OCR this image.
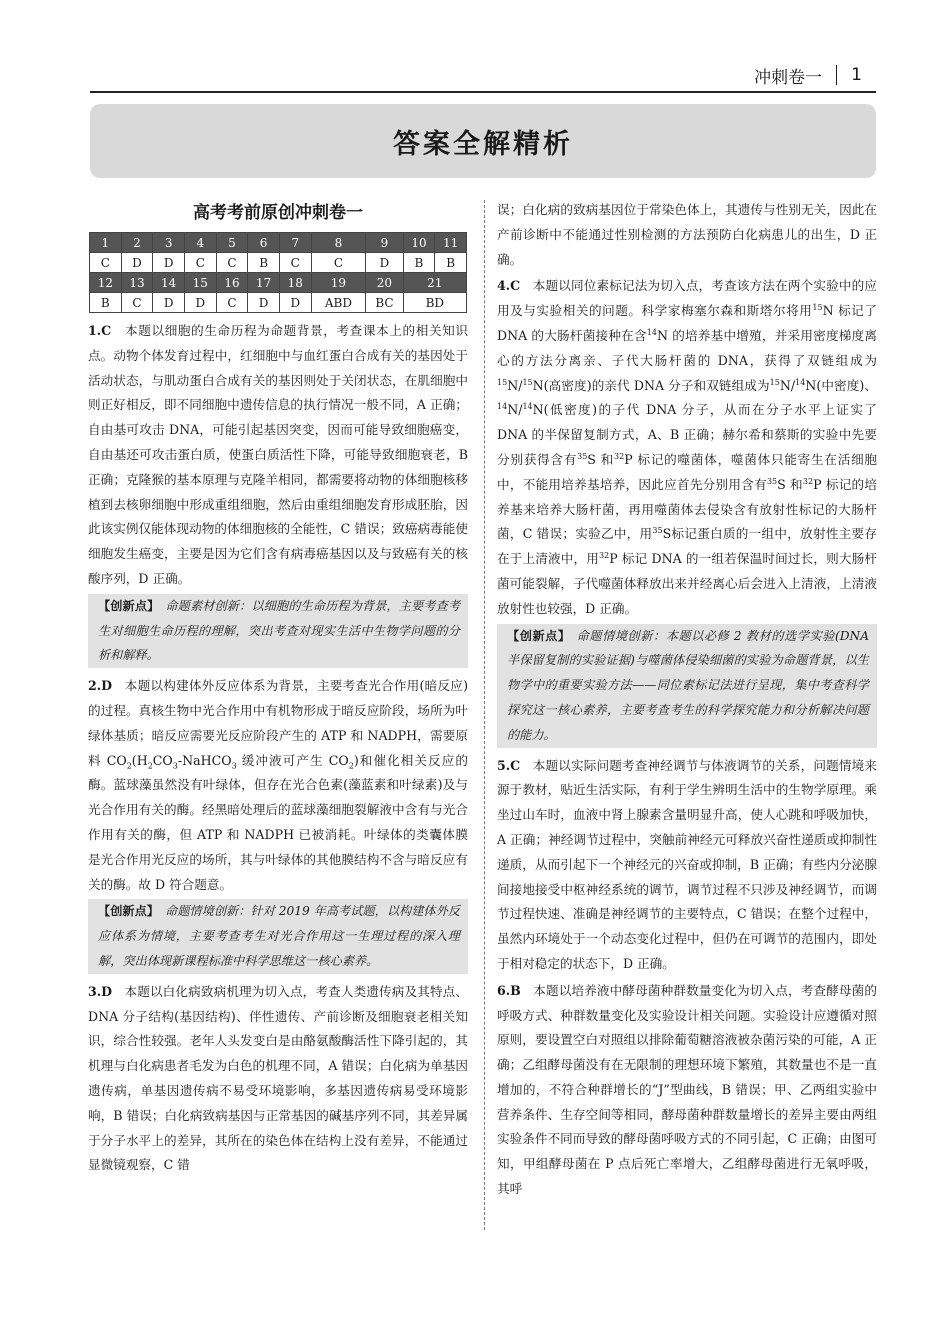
冲刺卷一 1
答案全解精析
高考考前原创冲刺卷一
1	2	3	4	5	6	7	8	9	10	11
C	D	D	C	C	B	C	C	D	B	B
12	13	14	15	16	17	18	19	20	21	
B	C	D	D	C	D	D	ABD	BC	BD	
1.C 本题以细胞的生命历程为命题背景，考查课本上的相关知识点。动物个体发育过程中，红细胞中与血红蛋白合成有关的基因处于活动状态，与肌动蛋白合成有关的基因则处于关闭状态，在肌细胞中则正好相反，即不同细胞中遗传信息的执行情况一般不同，A 正确；自由基可攻击 DNA，可能引起基因突变，因而可能导致细胞癌变，自由基还可攻击蛋白质，使蛋白质活性下降，可能导致细胞衰老，B 正确；克隆猴的基本原理与克隆羊相同，都需要将动物的体细胞核移植到去核卵细胞中形成重组细胞，然后由重组细胞发育形成胚胎，因此该实例仅能体现动物的体细胞核的全能性，C 错误；致癌病毒能使细胞发生癌变，主要是因为它们含有病毒癌基因以及与致癌有关的核酸序列，D 正确。
【创新点】 命题素材创新：以细胞的生命历程为背景，主要考查考生对细胞生命历程的理解，突出考查对现实生活中生物学问题的分析和解释。
2.D 本题以构建体外反应体系为背景，主要考查光合作用(暗反应)的过程。真核生物中光合作用中有机物形成于暗反应阶段，场所为叶绿体基质；暗反应需要光反应阶段产生的 ATP 和 NADPH，需要原料 $CO_2(H_2CO_3-NaHCO_3$ 缓冲液可产生 $CO_2$)和催化相关反应的酶。蓝球藻虽然没有叶绿体，但存在光合色素(藻蓝素和叶绿素)及与光合作用有关的酶。经黑暗处理后的蓝球藻细胞裂解液中含有与光合作用有关的酶，但 ATP 和 NADPH 已被消耗。叶绿体的类囊体膜是光合作用光反应的场所，其与叶绿体的其他膜结构不含与暗反应有关的酶。故 D 符合题意。
【创新点】 命题情境创新：针对 2019 年高考试题，以构建体外反应体系为情境，主要考查考生对光合作用这一生理过程的深入理解，突出体现新课程标准中科学思维这一核心素养。
3.D 本题以白化病致病机理为切入点，考查人类遗传病及其特点、DNA 分子结构(基因结构)、伴性遗传、产前诊断及细胞衰老相关知识，综合性较强。老年人头发变白是由酪氨酸酶活性下降引起的，其机理与白化病患者毛发为白色的机理不同，A 错误；白化病为单基因遗传病，单基因遗传病不易受环境影响，多基因遗传病易受环境影响，B 错误；白化病致病基因与正常基因的碱基序列不同，其差异属于分子水平上的差异，其所在的染色体在结构上没有差异，不能通过显微镜观察，C 错
误；白化病的致病基因位于常染色体上，其遗传与性别无关，因此在产前诊断中不能通过性别检测的方法预防白化病患儿的出生，D 正确。
4.C 本题以同位素标记法为切入点，考查该方法在两个实验中的应用及与实验相关的问题。科学家梅塞尔森和斯塔尔将用$^{15}$N 标记了 DNA 的大肠杆菌接种在含$^{14}$N 的培养基中增殖，并采用密度梯度离心的方法分离亲、子代大肠杆菌的 DNA，获得了双链组成为$^{15}$N/$^{15}$N(高密度)的亲代 DNA 分子和双链组成为$^{15}$N/$^{14}$N(中密度)、$^{14}$N/$^{14}$N(低密度)的子代 DNA 分子，从而在分子水平上证实了 DNA 的半保留复制方式，A、B 正确；赫尔希和蔡斯的实验中先要分别获得含有$^{35}$S 和$^{32}$P 标记的噬菌体，噬菌体只能寄生在活细胞中，不能用培养基培养，因此应首先分别用含有$^{35}$S 和$^{32}$P 标记的培养基来培养大肠杆菌，再用噬菌体去侵染含有放射性标记的大肠杆菌，C 错误；实验乙中，用$^{35}$S标记蛋白质的一组中，放射性主要存在于上清液中，用$^{32}$P 标记 DNA 的一组若保温时间过长，则大肠杆菌可能裂解，子代噬菌体释放出来并经离心后会进入上清液，上清液放射性也较强，D 正确。
【创新点】 命题情境创新：本题以必修 2 教材的选学实验(DNA 半保留复制的实验证据)与噬菌体侵染细菌的实验为命题背景，以生物学中的重要实验方法——同位素标记法进行呈现，集中考查科学探究这一核心素养，主要考查考生的科学探究能力和分析解决问题的能力。
5.C 本题以实际问题考查神经调节与体液调节的关系，问题情境来源于教材，贴近生活实际，有利于学生辨明生活中的生物学原理。乘坐过山车时，血液中肾上腺素含量明显升高，使人心跳和呼吸加快，A 正确；神经调节过程中，突触前神经元可释放兴奋性递质或抑制性递质，从而引起下一个神经元的兴奋或抑制，B 正确；有些内分泌腺间接地接受中枢神经系统的调节，调节过程不只涉及神经调节，而调节过程快速、准确是神经调节的主要特点，C 错误；在整个过程中，虽然内环境处于一个动态变化过程中，但仍在可调节的范围内，即处于相对稳定的状态下，D 正确。
6.B 本题以培养液中酵母菌种群数量变化为切入点，考查酵母菌的呼吸方式、种群数量变化及实验设计相关问题。实验设计应遵循对照原则，要设置空白对照组以排除葡萄糖溶液被杂菌污染的可能，A 正确；乙组酵母菌没有在无限制的理想环境下繁殖，其数量也不是一直增加的，不符合种群增长的“J”型曲线，B 错误；甲、乙两组实验中营养条件、生存空间等相同，酵母菌种群数量增长的差异主要由两组实验条件不同而导致的酵母菌呼吸方式的不同引起，C 正确；由图可知，甲组酵母菌在 P 点后死亡率增大，乙组酵母菌进行无氧呼吸，其呼
